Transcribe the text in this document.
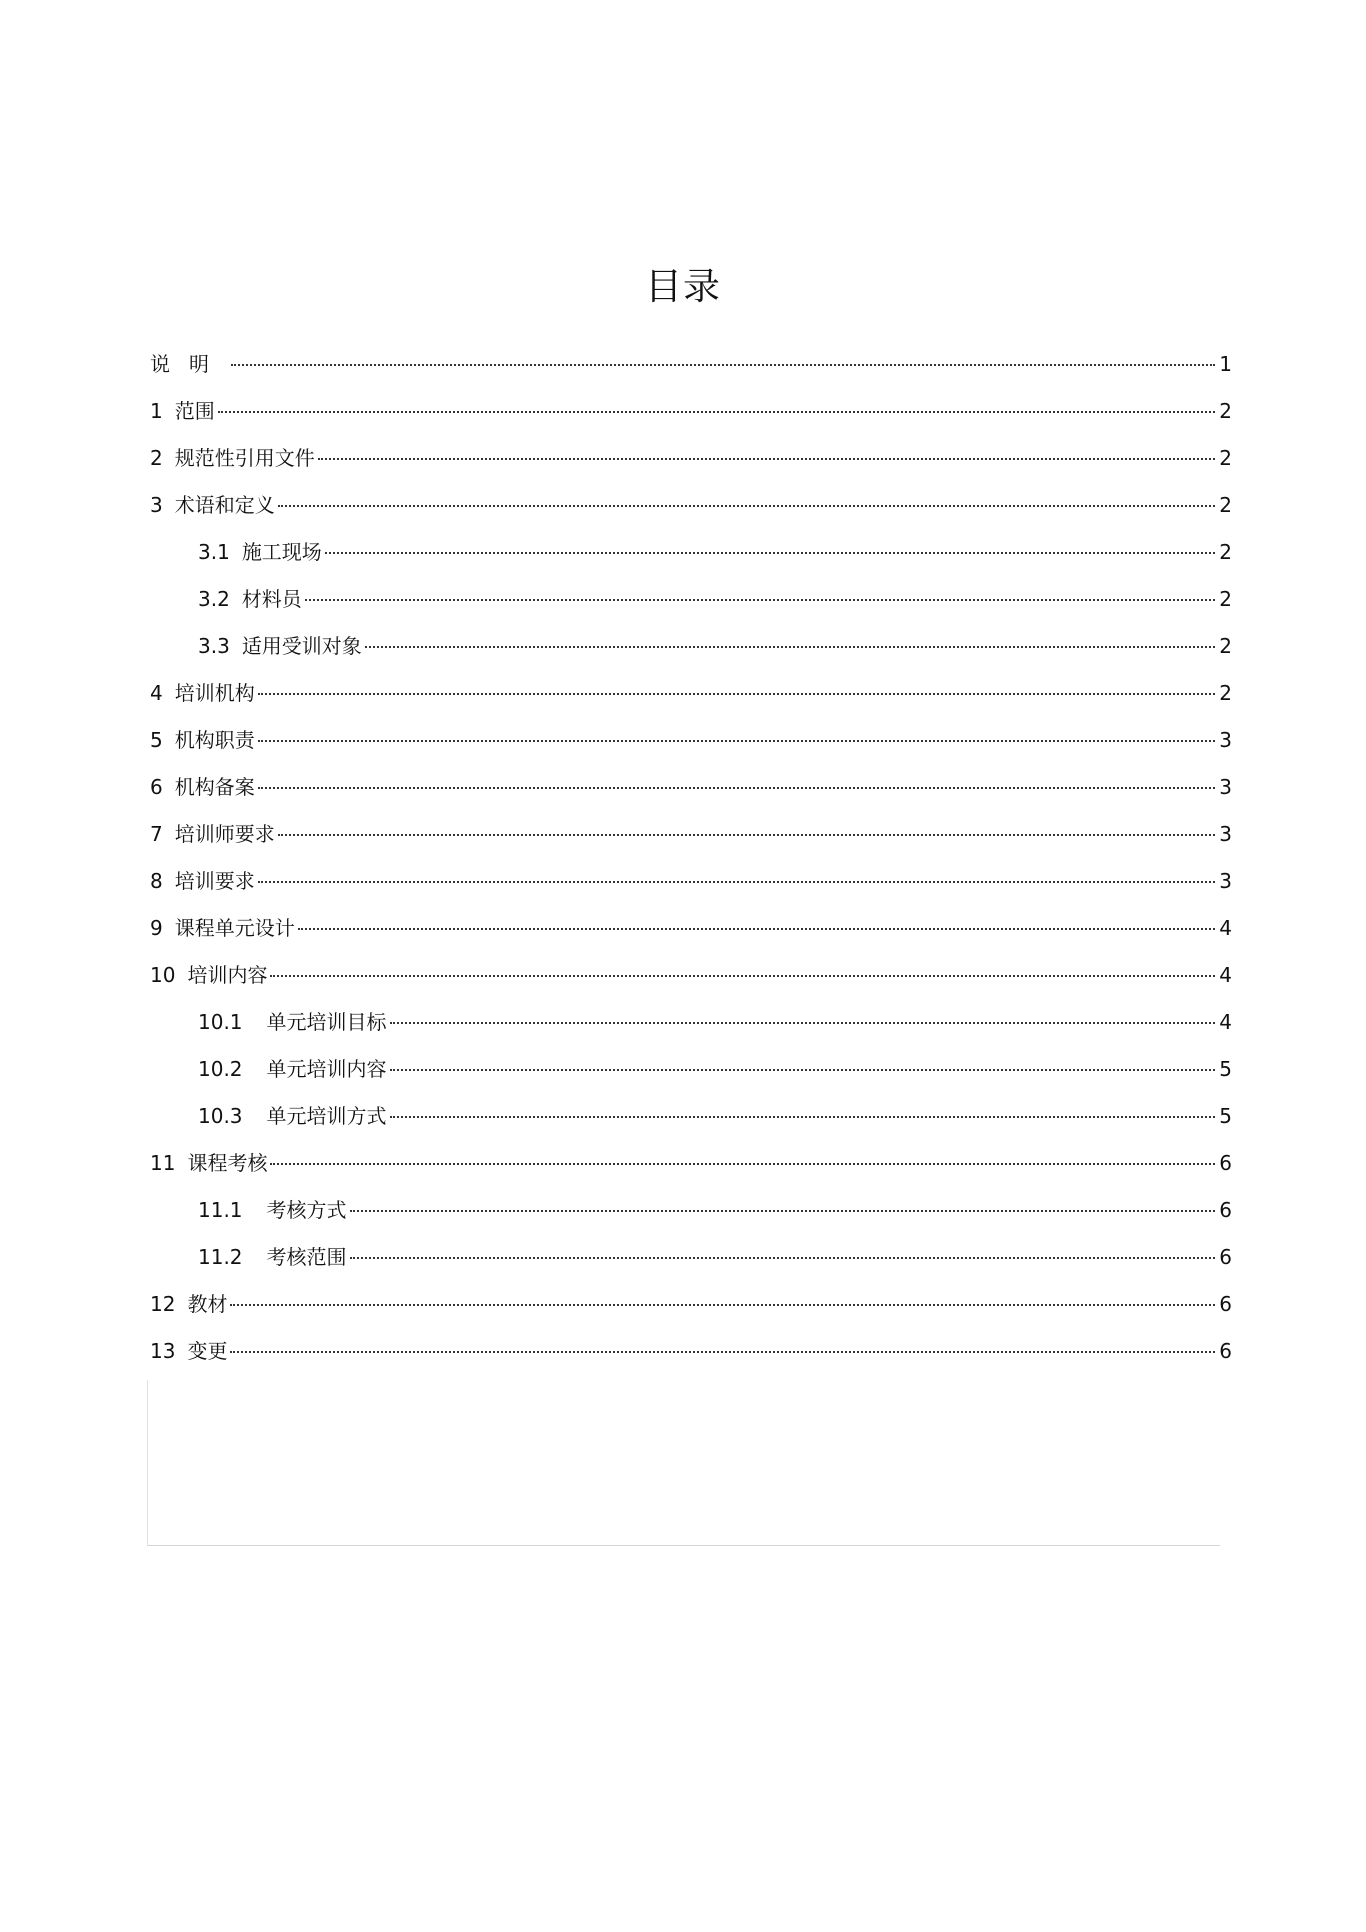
目录
说明	1
1 范围	2
2 规范性引用文件	2
3 术语和定义	2
3.1 施工现场	2
3.2 材料员	2
3.3 适用受训对象	2
4 培训机构	2
5 机构职责	3
6 机构备案	3
7 培训师要求	3
8 培训要求	3
9 课程单元设计	4
10 培训内容	4
10.1 单元培训目标	4
10.2 单元培训内容	5
10.3 单元培训方式	5
11 课程考核	6
11.1 考核方式	6
11.2 考核范围	6
12 教材	6
13 变更	6
